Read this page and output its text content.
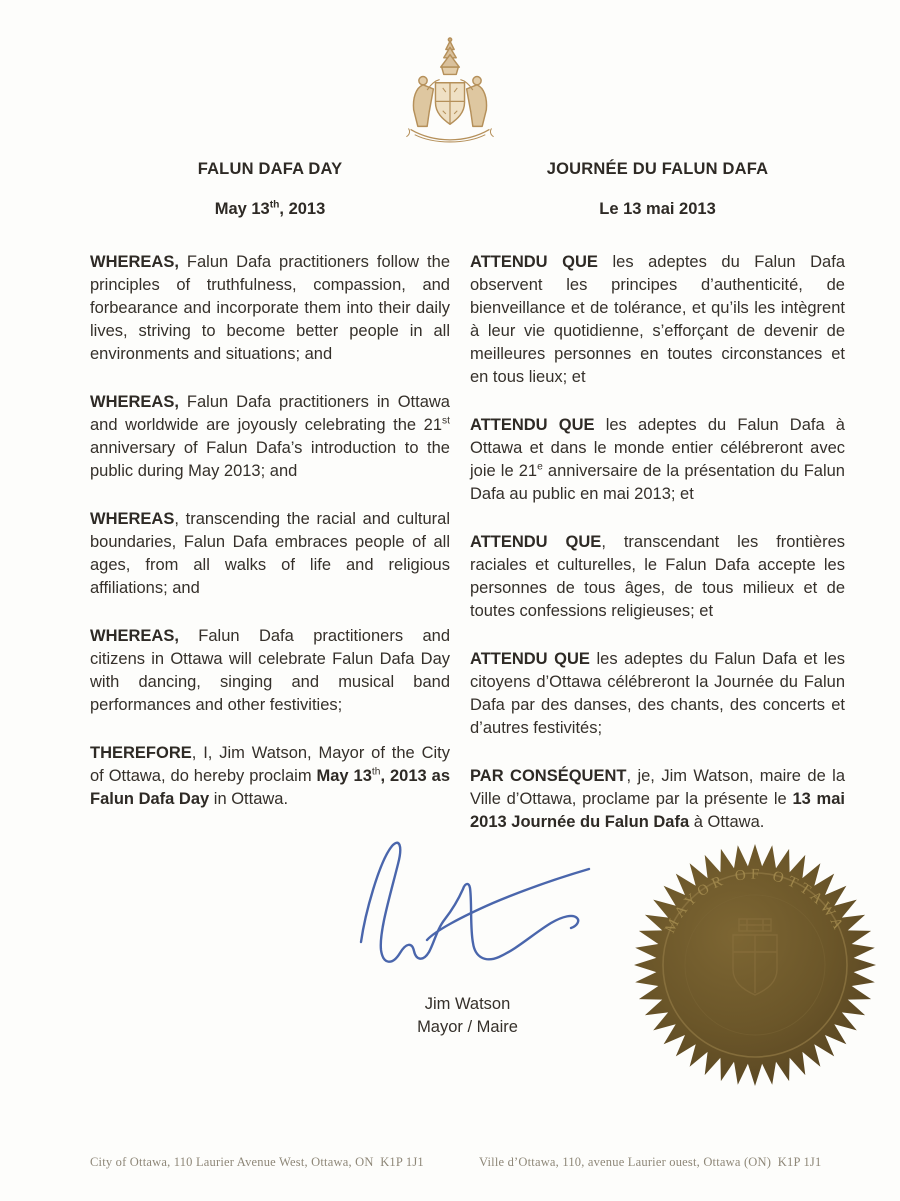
FALUN DAFA DAY
May 13th, 2013

WHEREAS, Falun Dafa practitioners follow the principles of truthfulness, compassion, and forbearance and incorporate them into their daily lives, striving to become better people in all environments and situations; and

WHEREAS, Falun Dafa practitioners in Ottawa and worldwide are joyously celebrating the 21st anniversary of Falun Dafa’s introduction to the public during May 2013; and

WHEREAS, transcending the racial and cultural boundaries, Falun Dafa embraces people of all ages, from all walks of life and religious affiliations; and

WHEREAS, Falun Dafa practitioners and citizens in Ottawa will celebrate Falun Dafa Day with dancing, singing and musical band performances and other festivities;

THEREFORE, I, Jim Watson, Mayor of the City of Ottawa, do hereby proclaim May 13th, 2013 as Falun Dafa Day in Ottawa.

JOURNÉE DU FALUN DAFA
Le 13 mai 2013

ATTENDU QUE les adeptes du Falun Dafa observent les principes d’authenticité, de bienveillance et de tolérance, et qu’ils les intègrent à leur vie quotidienne, s’efforçant de devenir de meilleures personnes en toutes circonstances et en tous lieux; et

ATTENDU QUE les adeptes du Falun Dafa à Ottawa et dans le monde entier célébreront avec joie le 21e anniversaire de la présentation du Falun Dafa au public en mai 2013; et

ATTENDU QUE, transcendant les frontières raciales et culturelles, le Falun Dafa accepte les personnes de tous âges, de tous milieux et de toutes confessions religieuses; et

ATTENDU QUE les adeptes du Falun Dafa et les citoyens d’Ottawa célébreront la Journée du Falun Dafa par des danses, des chants, des concerts et d’autres festivités;

PAR CONSÉQUENT, je, Jim Watson, maire de la Ville d’Ottawa, proclame par la présente le 13 mai 2013 Journée du Falun Dafa à Ottawa.

Jim Watson
Mayor / Maire
MAYOR OF OTTAWA
City of Ottawa, 110 Laurier Avenue West, Ottawa, ON  K1P 1J1	Ville d’Ottawa, 110, avenue Laurier ouest, Ottawa (ON)  K1P 1J1
